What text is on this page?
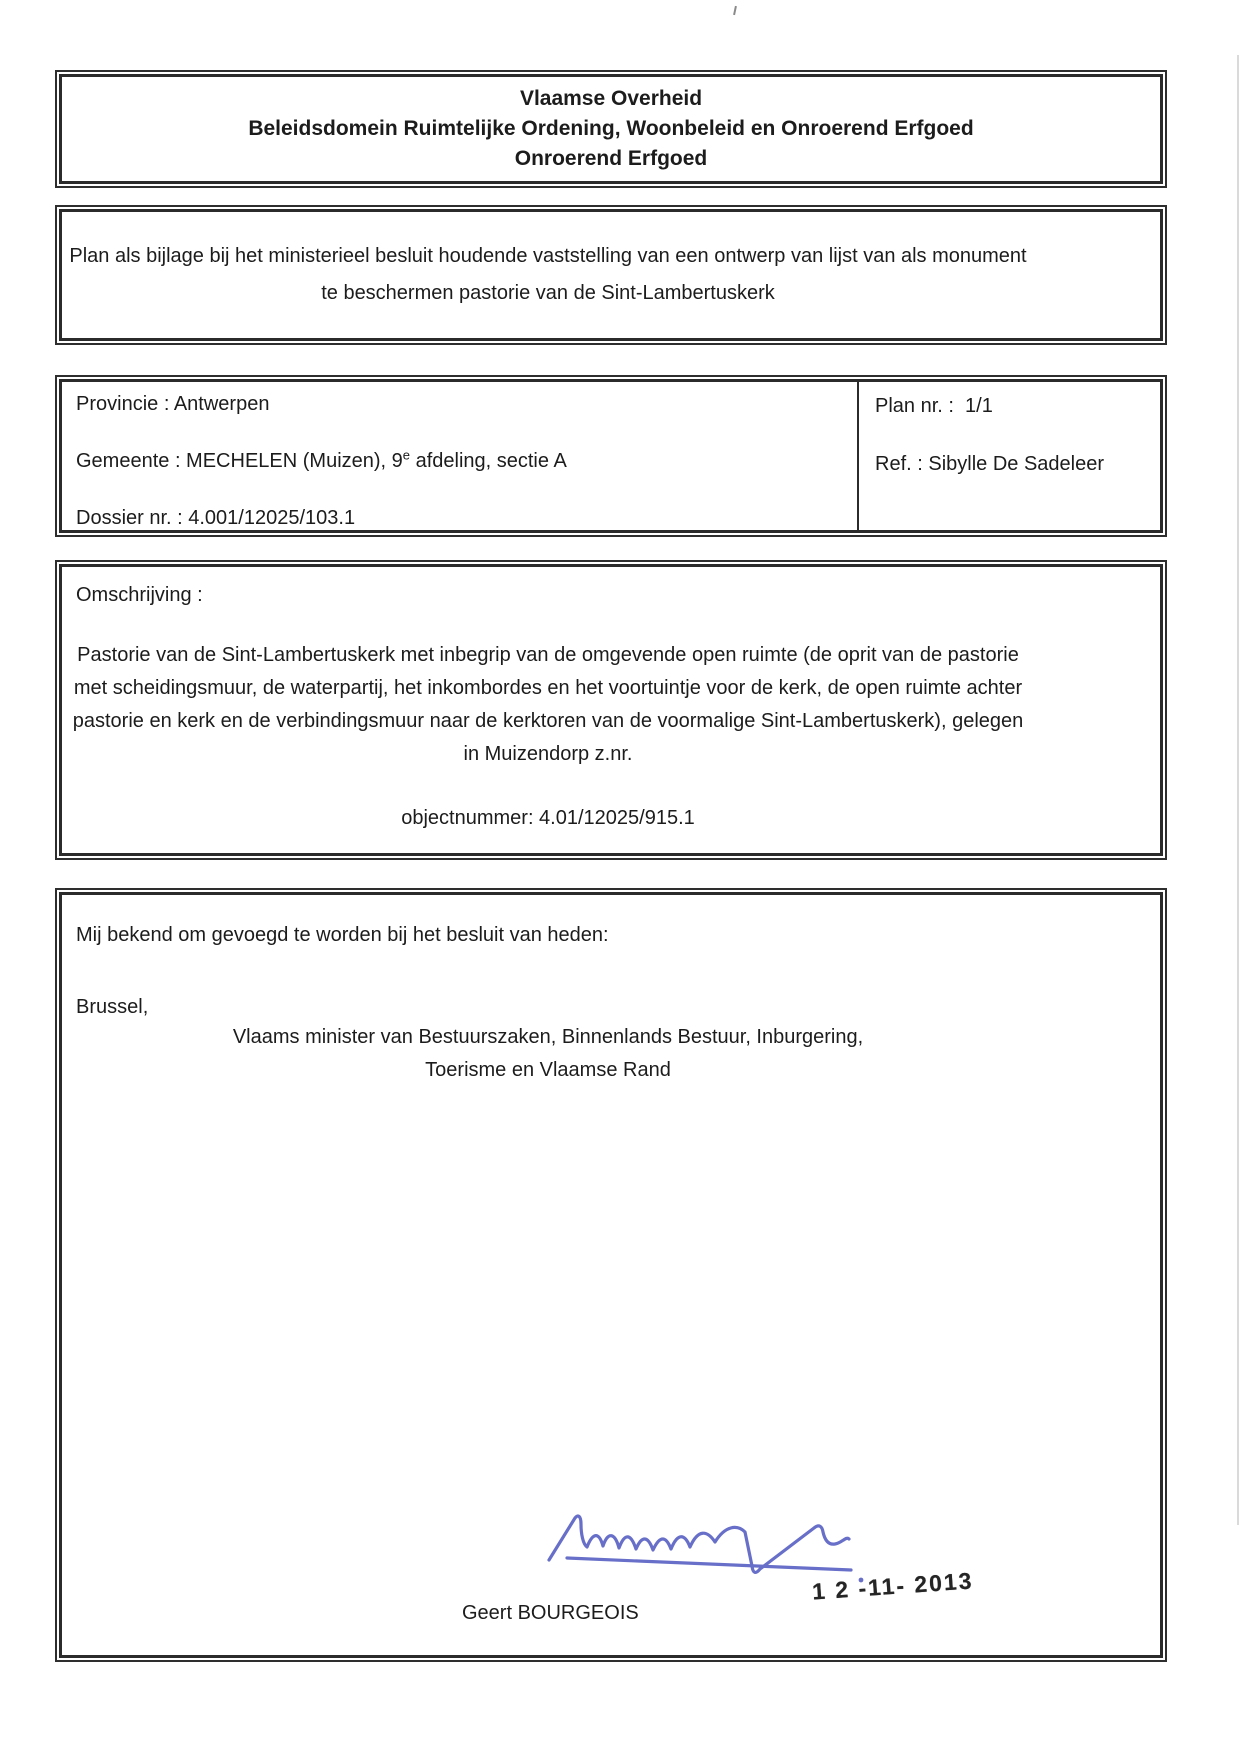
Vlaamse Overheid
Beleidsdomein Ruimtelijke Ordening, Woonbeleid en Onroerend Erfgoed
Onroerend Erfgoed
Plan als bijlage bij het ministerieel besluit houdende vaststelling van een ontwerp van lijst van als monument te beschermen pastorie van de Sint-Lambertuskerk
Provincie : Antwerpen
Gemeente : MECHELEN (Muizen), 9e afdeling, sectie A
Dossier nr. : 4.001/12025/103.1
Plan nr. :  1/1
Ref. : Sibylle De Sadeleer
Omschrijving :
Pastorie van de Sint-Lambertuskerk met inbegrip van de omgevende open ruimte (de oprit van de pastorie met scheidingsmuur, de waterpartij, het inkombordes en het voortuintje voor de kerk, de open ruimte achter pastorie en kerk en de verbindingsmuur naar de kerktoren van de voormalige Sint-Lambertuskerk), gelegen in Muizendorp z.nr.
objectnummer: 4.01/12025/915.1
Mij bekend om gevoegd te worden bij het besluit van heden:
Brussel,
Vlaams minister van Bestuurszaken, Binnenlands Bestuur, Inburgering,
Toerisme en Vlaamse Rand
Geert BOURGEOIS
1 2 -11- 2013
